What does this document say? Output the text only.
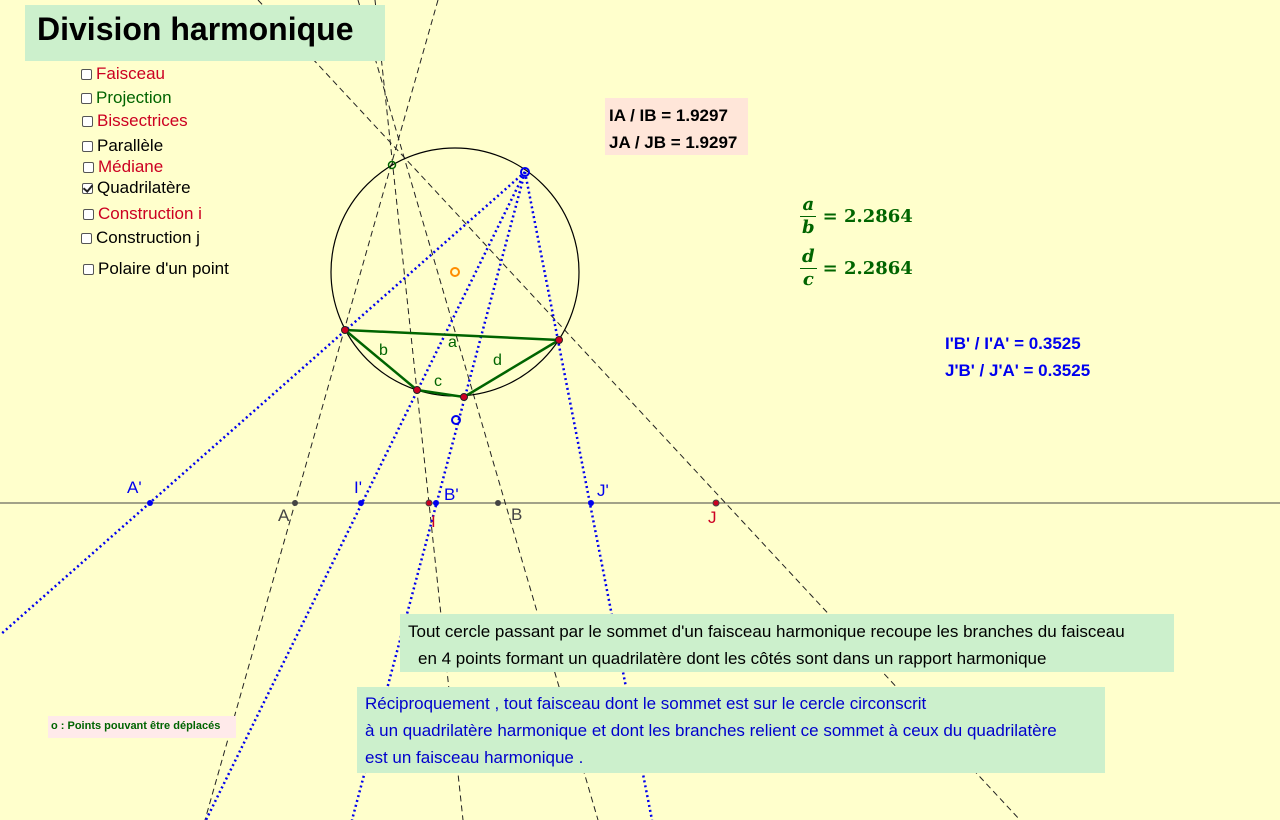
Division harmonique
Faisceau
Projection
Bissectrices
Parallèle
Médiane
Quadrilatère
Construction i
Construction j
Polaire d'un point
IA / IB = 1.9297
JA / JB = 1.9297
I'B' / I'A' = 0.3525
J'B' / J'A' = 0.3525
$\frac{a}{b} = 2.2864$
$\frac{d}{c} = 2.2864$
A'
A
I'
I
B'
B
J'
J
a
b
c
d
Tout cercle passant par le sommet d'un faisceau harmonique recoupe les branches du faisceau
en 4 points formant un quadrilatère dont les côtés sont dans un rapport harmonique
Réciproquement , tout faisceau dont le sommet est sur le cercle circonscrit
à un quadrilatère harmonique et dont les branches relient ce sommet à ceux du quadrilatère
est un faisceau harmonique .
o : Points pouvant être déplacés
